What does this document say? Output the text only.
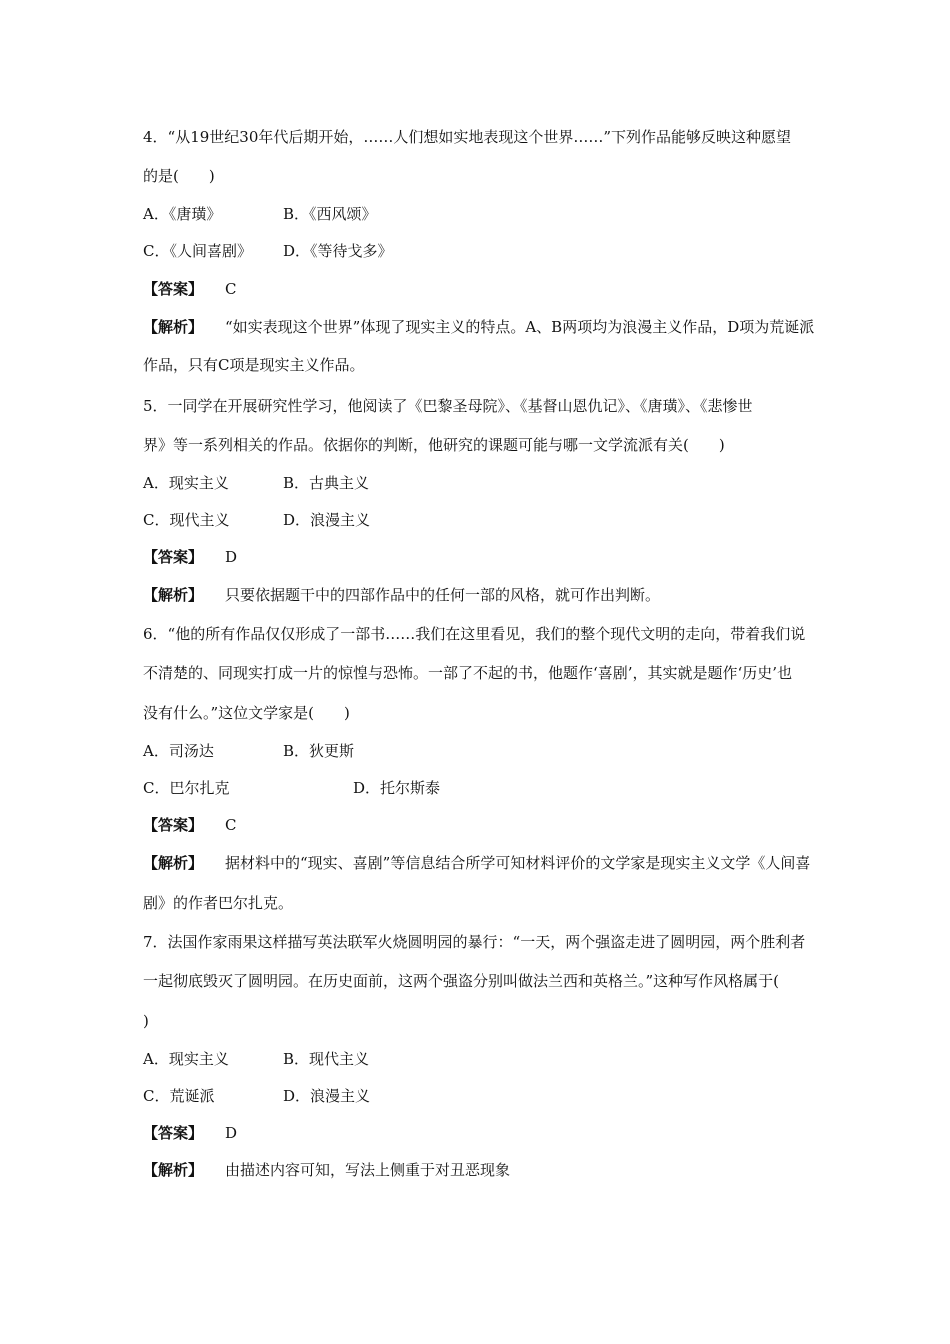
4．“从19世纪30年代后期开始，……人们想如实地表现这个世界……”下列作品能够反映这种愿望
的是(　　)
A．《唐璜》	B．《西风颂》
C．《人间喜剧》 D．《等待戈多》
【答案】 C
【解析】 “如实表现这个世界”体现了现实主义的特点。A、B两项均为浪漫主义作品，D项为荒诞派
作品，只有C项是现实主义作品。
5．一同学在开展研究性学习，他阅读了《巴黎圣母院》、《基督山恩仇记》、《唐璜》、《悲惨世
界》等一系列相关的作品。依据你的判断，他研究的课题可能与哪一文学流派有关(　　)
A．现实主义	B．古典主义
C．现代主义	D．浪漫主义
【答案】 D
【解析】 只要依据题干中的四部作品中的任何一部的风格，就可作出判断。
6．“他的所有作品仅仅形成了一部书……我们在这里看见，我们的整个现代文明的走向，带着我们说
不清楚的、同现实打成一片的惊惶与恐怖。一部了不起的书，他题作‘喜剧’，其实就是题作‘历史’也
没有什么。”这位文学家是(　　)
A．司汤达	B．狄更斯
C．巴尔扎克	D．托尔斯泰
【答案】 C
【解析】 据材料中的“现实、喜剧”等信息结合所学可知材料评价的文学家是现实主义文学《人间喜
剧》的作者巴尔扎克。
7．法国作家雨果这样描写英法联军火烧圆明园的暴行：“一天，两个强盗走进了圆明园，两个胜利者
一起彻底毁灭了圆明园。在历史面前，这两个强盗分别叫做法兰西和英格兰。”这种写作风格属于(
)
A．现实主义	B．现代主义
C．荒诞派	D．浪漫主义
【答案】 D
【解析】 由描述内容可知，写法上侧重于对丑恶现象
